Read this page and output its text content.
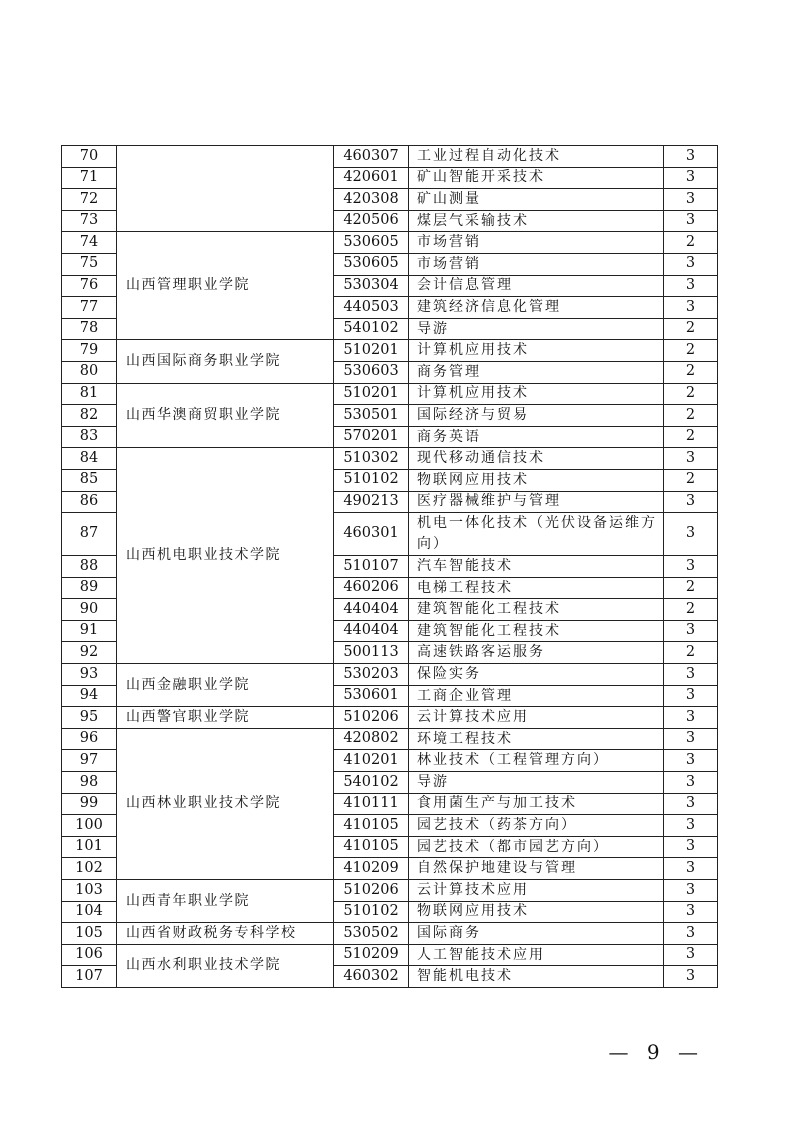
70		460307	工业过程自动化技术	3
71		420601	矿山智能开采技术	3
72		420308	矿山测量	3
73		420506	煤层气采输技术	3
74	山西管理职业学院	530605	市场营销	2
75		530605	市场营销	3
76		530304	会计信息管理	3
77		440503	建筑经济信息化管理	3
78		540102	导游	2
79	山西国际商务职业学院	510201	计算机应用技术	2
80		530603	商务管理	2
81	山西华澳商贸职业学院	510201	计算机应用技术	2
82		530501	国际经济与贸易	2
83		570201	商务英语	2
84	山西机电职业技术学院	510302	现代移动通信技术	3
85		510102	物联网应用技术	2
86		490213	医疗器械维护与管理	3
87		460301	机电一体化技术（光伏设备运维方向）	3
88		510107	汽车智能技术	3
89		460206	电梯工程技术	2
90		440404	建筑智能化工程技术	2
91		440404	建筑智能化工程技术	3
92		500113	高速铁路客运服务	2
93	山西金融职业学院	530203	保险实务	3
94		530601	工商企业管理	3
95	山西警官职业学院	510206	云计算技术应用	3
96	山西林业职业技术学院	420802	环境工程技术	3
97		410201	林业技术（工程管理方向）	3
98		540102	导游	3
99		410111	食用菌生产与加工技术	3
100		410105	园艺技术（药茶方向）	3
101		410105	园艺技术（都市园艺方向）	3
102		410209	自然保护地建设与管理	3
103	山西青年职业学院	510206	云计算技术应用	3
104		510102	物联网应用技术	3
105	山西省财政税务专科学校	530502	国际商务	3
106	山西水利职业技术学院	510209	人工智能技术应用	3
107		460302	智能机电技术	3
— 9 —
